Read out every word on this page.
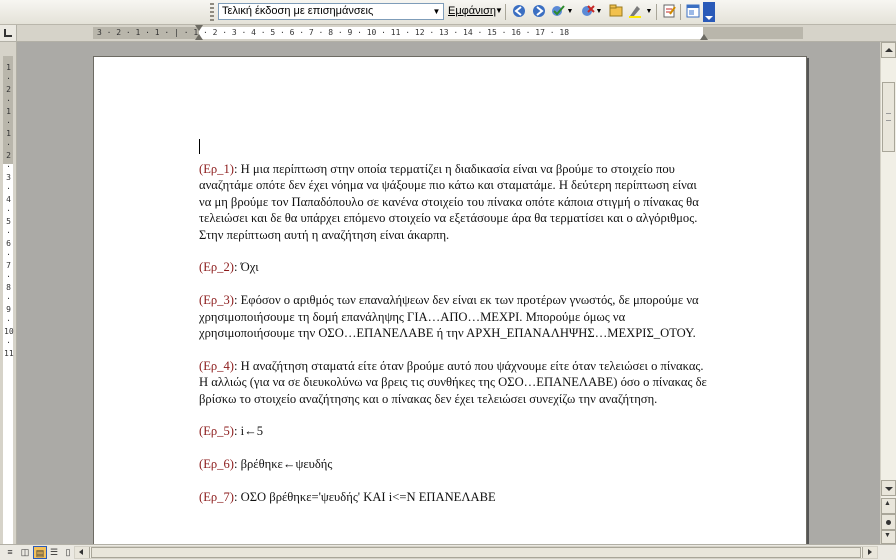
Τελική έκδοση με επισημάνσεις	▼ Εμφάνιση
▼	▼	▼	▼
3 · 2 · 1 · 1 · | · 1 · 2 · 3 · 4 · 5 · 6 · 7 · 8 · 9 · 10 · 11 · 12 · 13 · 14 · 15 · 16 · 17 · 18
1 · 2 · 1 · 1 · 2 · 3 · 4 · 5 · 6 · 7 · 8 · 9 · 10 · 11

(Ερ_1): Η μια περίπτωση στην οποία τερματίζει η διαδικασία είναι να βρούμε το στοιχείο που αναζητάμε οπότε δεν έχει νόημα να ψάξουμε πιο κάτω και σταματάμε. Η δεύτερη περίπτωση είναι να μη βρούμε τον Παπαδόπουλο σε κανένα στοιχείο του πίνακα οπότε κάποια στιγμή ο πίνακας θα τελειώσει και δε θα υπάρχει επόμενο στοιχείο να εξετάσουμε άρα θα τερματίσει και ο αλγόριθμος. Στην περίπτωση αυτή η αναζήτηση είναι άκαρπη.

(Ερ_2): Όχι

(Ερ_3): Εφόσον ο αριθμός των επαναλήψεων δεν είναι εκ των προτέρων γνωστός, δε μπορούμε να χρησιμοποιήσουμε τη δομή επανάληψης ΓΙΑ…ΑΠΟ…ΜΕΧΡΙ. Μπορούμε όμως να χρησιμοποιήσουμε την ΟΣΟ…ΕΠΑΝΕΛΑΒΕ ή την ΑΡΧΗ_ΕΠΑΝΑΛΗΨΗΣ…ΜΕΧΡΙΣ_ΟΤΟΥ.

(Ερ_4): Η αναζήτηση σταματά είτε όταν βρούμε αυτό που ψάχνουμε είτε όταν τελειώσει ο πίνακας. Η αλλιώς (για να σε διευκολύνω να βρεις τις συνθήκες της ΟΣΟ…ΕΠΑΝΕΛΑΒΕ) όσο ο πίνακας δε βρίσκω το στοιχείο αναζήτησης και ο πίνακας δεν έχει τελειώσει συνεχίζω την αναζήτηση.

(Ερ_5): i←5

(Ερ_6): βρέθηκε←ψευδής

(Ερ_7): ΟΣΟ βρέθηκε='ψευδής' ΚΑΙ i<=Ν ΕΠΑΝΕΛΑΒΕ

▲
▼
≡ ◫ ▤ ☰ ▯
